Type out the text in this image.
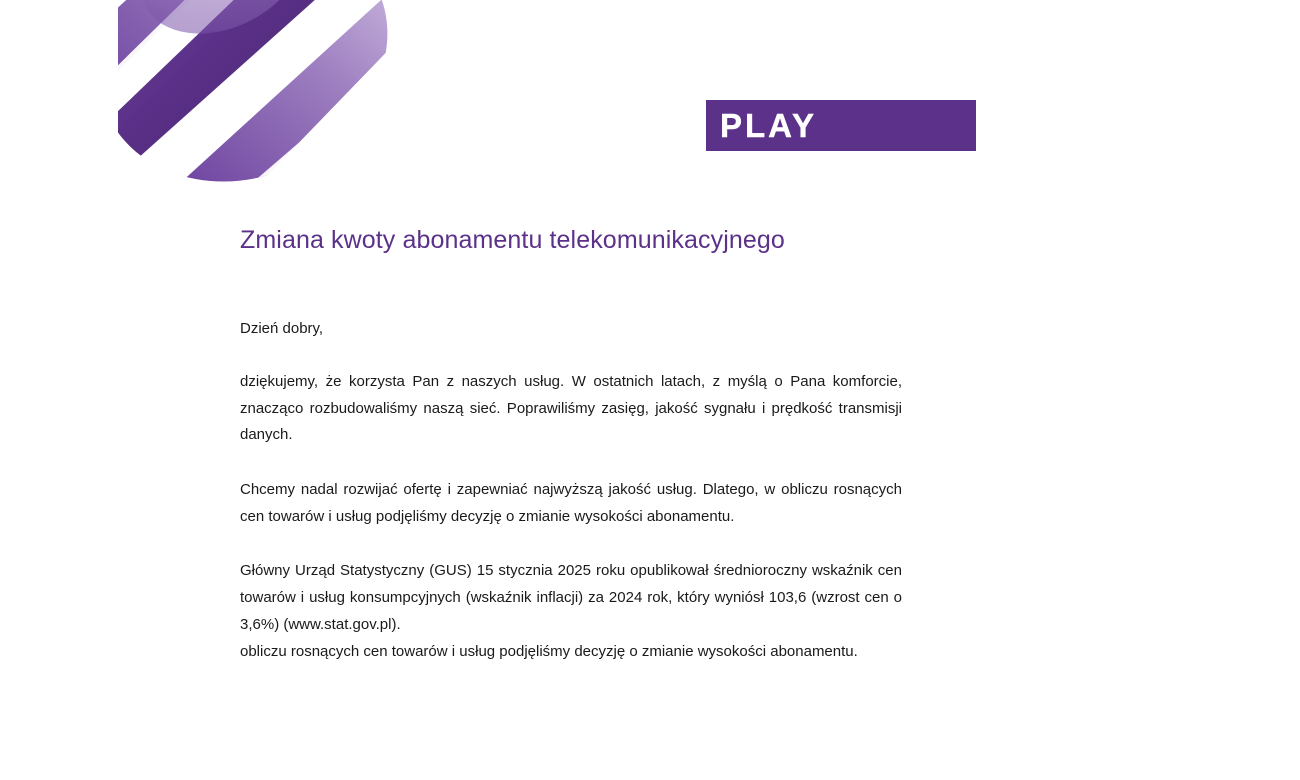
PLAY
Zmiana kwoty abonamentu telekomunikacyjnego

Dzień dobry,

dziękujemy, że korzysta Pan z naszych usług. W ostatnich latach, z myślą o Pana komforcie, znacząco rozbudowaliśmy naszą sieć. Poprawiliśmy zasięg, jakość sygnału i prędkość transmisji danych.

Chcemy nadal rozwijać ofertę i zapewniać najwyższą jakość usług. Dlatego, w obliczu rosnących cen towarów i usług podjęliśmy decyzję o zmianie wysokości abonamentu.

Główny Urząd Statystyczny (GUS) 15 stycznia 2025 roku opublikował średnioroczny wskaźnik cen towarów i usług konsumpcyjnych (wskaźnik inflacji) za 2024 rok, który wyniósł 103,6 (wzrost cen o 3,6%) (www.stat.gov.pl).

obliczu rosnących cen towarów i usług podjęliśmy decyzję o zmianie wysokości abonamentu.
